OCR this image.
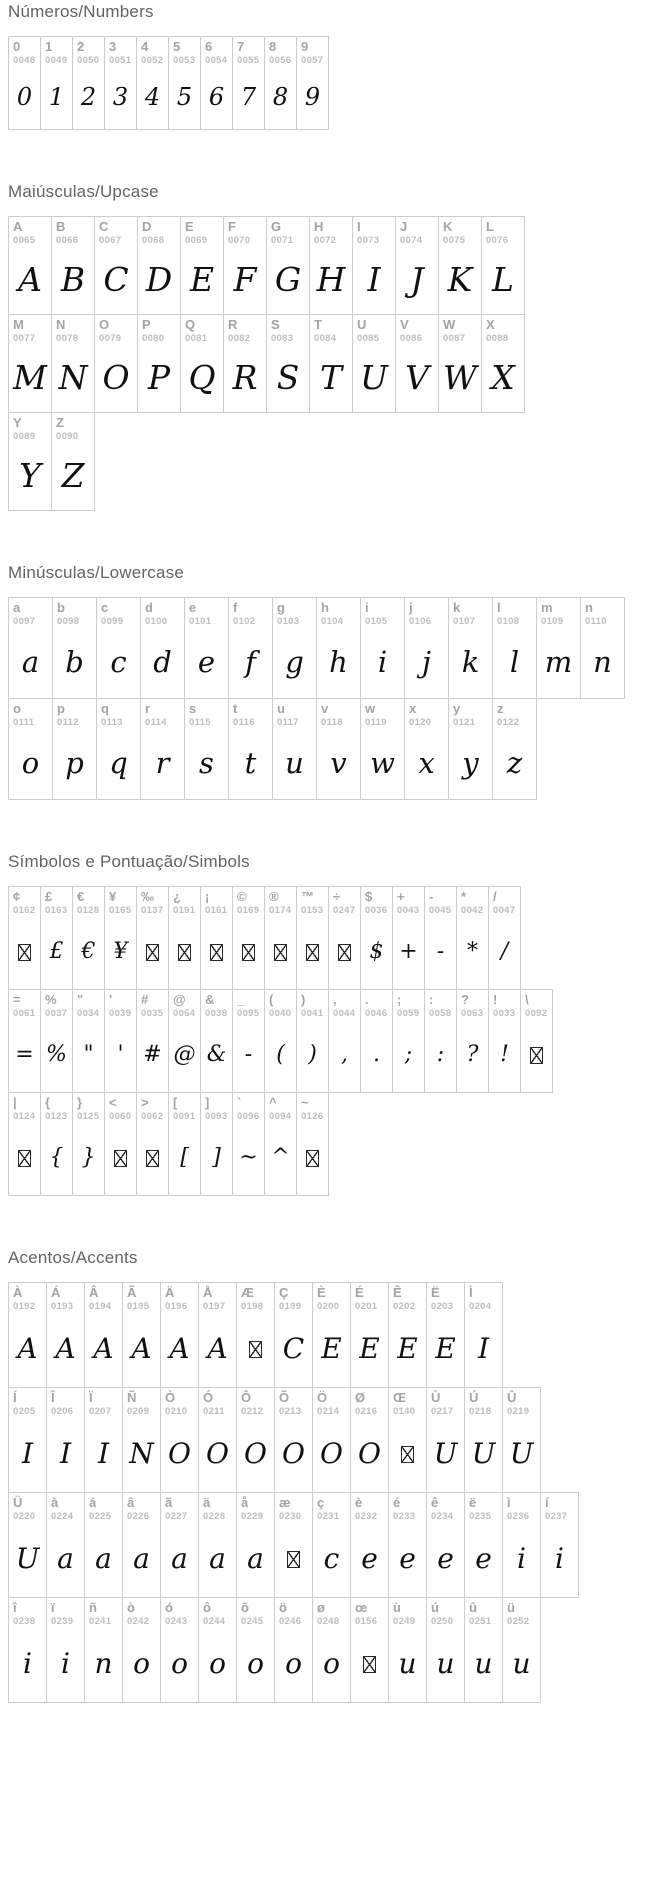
Números/Numbers
0
0048
0
1
0049
1
2
0050
2
3
0051
3
4
0052
4
5
0053
5
6
0054
6
7
0055
7
8
0056
8
9
0057
9
Maiúsculas/Upcase
A
0065
A
B
0066
B
C
0067
C
D
0068
D
E
0069
E
F
0070
F
G
0071
G
H
0072
H
I
0073
I
J
0074
J
K
0075
K
L
0076
L
M
0077
M
N
0078
N
O
0079
O
P
0080
P
Q
0081
Q
R
0082
R
S
0083
S
T
0084
T
U
0085
U
V
0086
V
W
0087
W
X
0088
X
Y
0089
Y
Z
0090
Z
Minúsculas/Lowercase
a
0097
a
b
0098
b
c
0099
c
d
0100
d
e
0101
e
f
0102
f
g
0103
g
h
0104
h
i
0105
i
j
0106
j
k
0107
k
l
0108
l
m
0109
m
n
0110
n
o
0111
o
p
0112
p
q
0113
q
r
0114
r
s
0115
s
t
0116
t
u
0117
u
v
0118
v
w
0119
w
x
0120
x
y
0121
y
z
0122
z
Símbolos e Pontuação/Simbols
¢
0162
£
0163
£
€
0128
€
¥
0165
¥
‰
0137
¿
0191
¡
0161
©
0169
®
0174
™
0153
÷
0247
$
0036
$
+
0043
+
-
0045
-
*
0042
*
/
0047
/
=
0061
=
%
0037
%
"
0034
"
'
0039
'
#
0035
#
@
0064
@
&
0038
&
_
0095
-
(
0040
(
)
0041
)
,
0044
,
.
0046
.
;
0059
;
:
0058
:
?
0063
?
!
0033
!
\
0092
|
0124
{
0123
{
}
0125
}
<
0060
>
0062
[
0091
[
]
0093
]
`
0096
~
^
0094
^
~
0126
Acentos/Accents
À
0192
A
Á
0193
A
Â
0194
A
Ã
0195
A
Ä
0196
A
Å
0197
A
Æ
0198
Ç
0199
C
È
0200
E
É
0201
E
Ê
0202
E
Ë
0203
E
Ì
0204
I
Í
0205
I
Î
0206
I
Ï
0207
I
Ñ
0209
N
Ò
0210
O
Ó
0211
O
Ô
0212
O
Õ
0213
O
Ö
0214
O
Ø
0216
O
Œ
0140
Ù
0217
U
Ú
0218
U
Û
0219
U
Ü
0220
U
à
0224
a
á
0225
a
â
0226
a
ã
0227
a
ä
0228
a
å
0229
a
æ
0230
ç
0231
c
è
0232
e
é
0233
e
ê
0234
e
ë
0235
e
ì
0236
i
í
0237
i
î
0238
i
ï
0239
i
ñ
0241
n
ò
0242
o
ó
0243
o
ô
0244
o
õ
0245
o
ö
0246
o
ø
0248
o
œ
0156
ù
0249
u
ú
0250
u
û
0251
u
ü
0252
u
